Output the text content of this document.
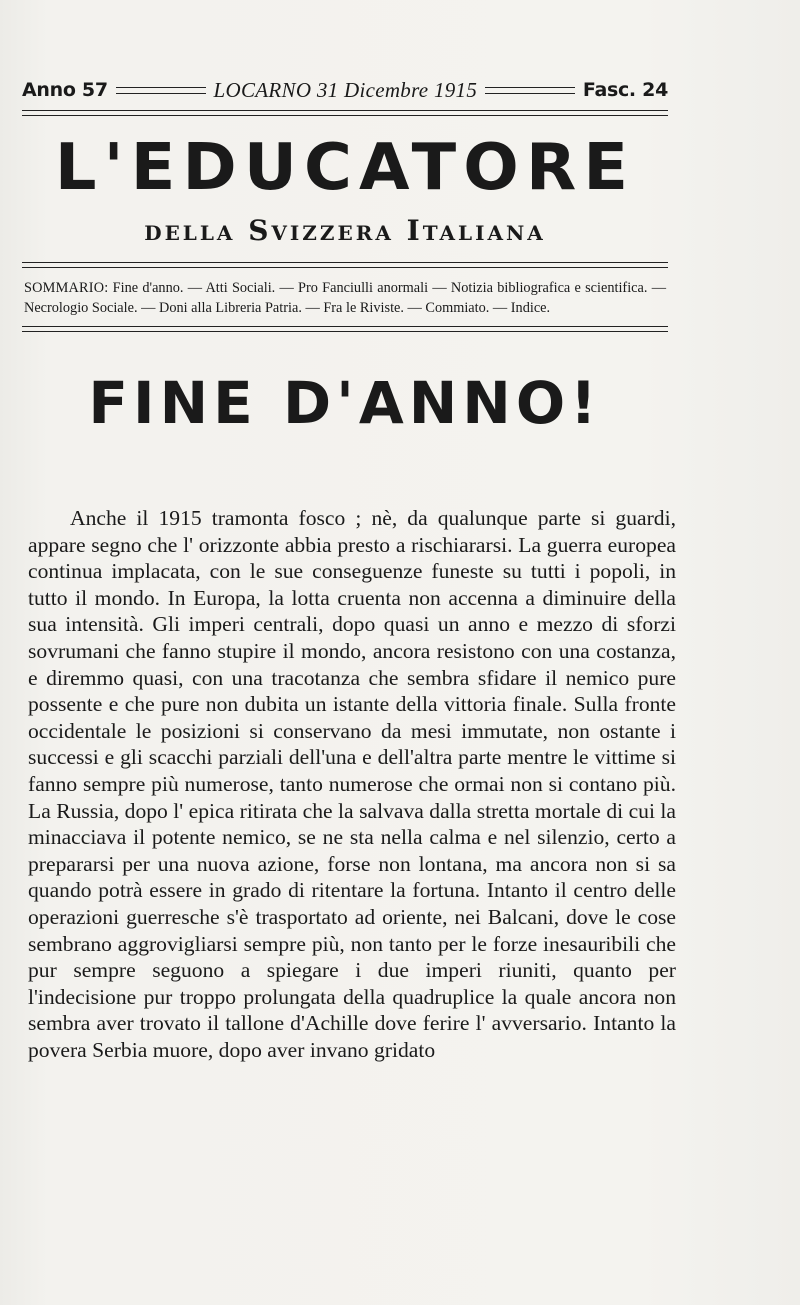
Anno 57	LOCARNO 31 Dicembre 1915	Fasc. 24
L'EDUCATORE
della Svizzera Italiana
SOMMARIO: Fine d'anno. — Atti Sociali. — Pro Fanciulli anormali — Notizia bibliografica e scientifica. — Necrologio Sociale. — Doni alla Libreria Patria. — Fra le Riviste. — Commiato. — Indice.
FINE D'ANNO!

Anche il 1915 tramonta fosco ; nè, da qualunque parte si guardi, appare segno che l' orizzonte abbia presto a rischiararsi. La guerra europea continua implacata, con le sue conseguenze funeste su tutti i popoli, in tutto il mondo. In Europa, la lotta cruenta non accenna a diminuire della sua intensità. Gli imperi centrali, dopo quasi un anno e mezzo di sforzi sovrumani che fanno stupire il mondo, ancora resistono con una costanza, e diremmo quasi, con una tracotanza che sembra sfidare il nemico pure possente e che pure non dubita un istante della vittoria finale. Sulla fronte occidentale le posizioni si conservano da mesi immutate, non ostante i successi e gli scacchi parziali dell'una e dell'altra parte mentre le vittime si fanno sempre più numerose, tanto numerose che ormai non si contano più. La Russia, dopo l' epica ritirata che la salvava dalla stretta mortale di cui la minacciava il potente nemico, se ne sta nella calma e nel silenzio, certo a prepararsi per una nuova azione, forse non lontana, ma ancora non si sa quando potrà essere in grado di ritentare la fortuna. Intanto il centro delle operazioni guerresche s'è trasportato ad oriente, nei Balcani, dove le cose sembrano aggrovigliarsi sempre più, non tanto per le forze inesauribili che pur sempre seguono a spiegare i due imperi riuniti, quanto per l'indecisione pur troppo prolungata della quadruplice la quale ancora non sembra aver trovato il tallone d'Achille dove ferire l' avversario. Intanto la povera Serbia muore, dopo aver invano gridato
